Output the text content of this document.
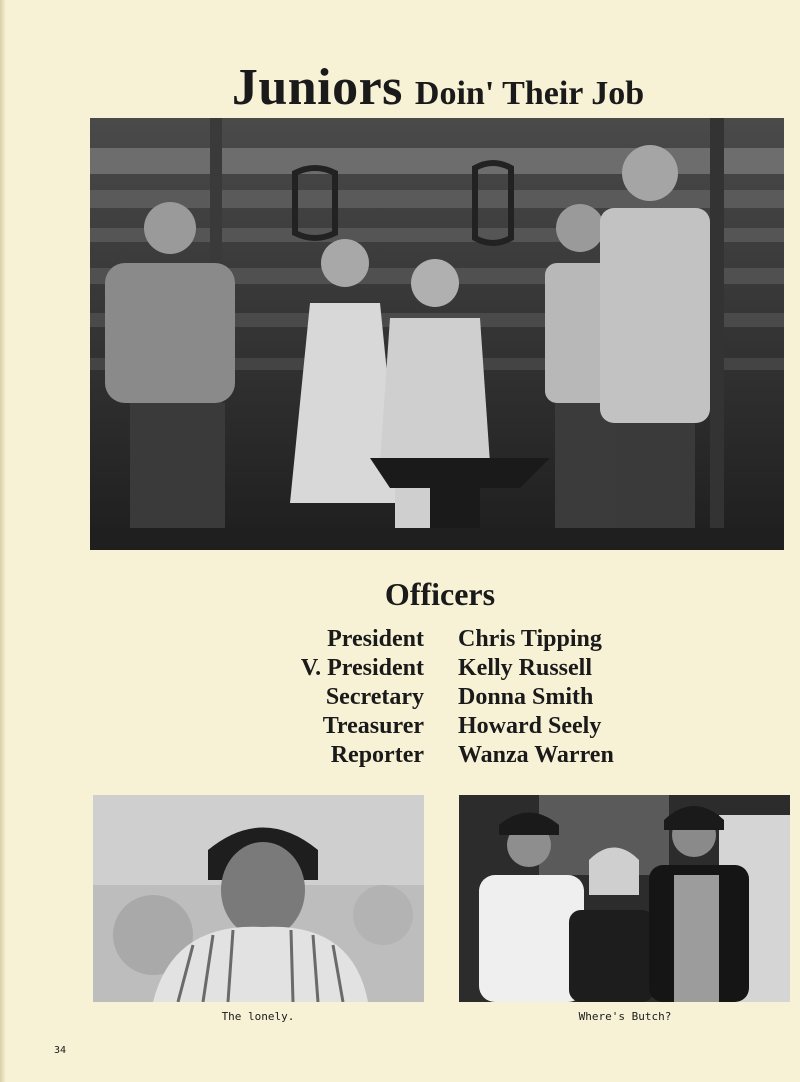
Juniors Doin' Their Job
Officers
President Chris Tipping
V. President Kelly Russell
Secretary Donna Smith
Treasurer Howard Seely
Reporter Wanza Warren
The lonely.	Where's Butch?
34
